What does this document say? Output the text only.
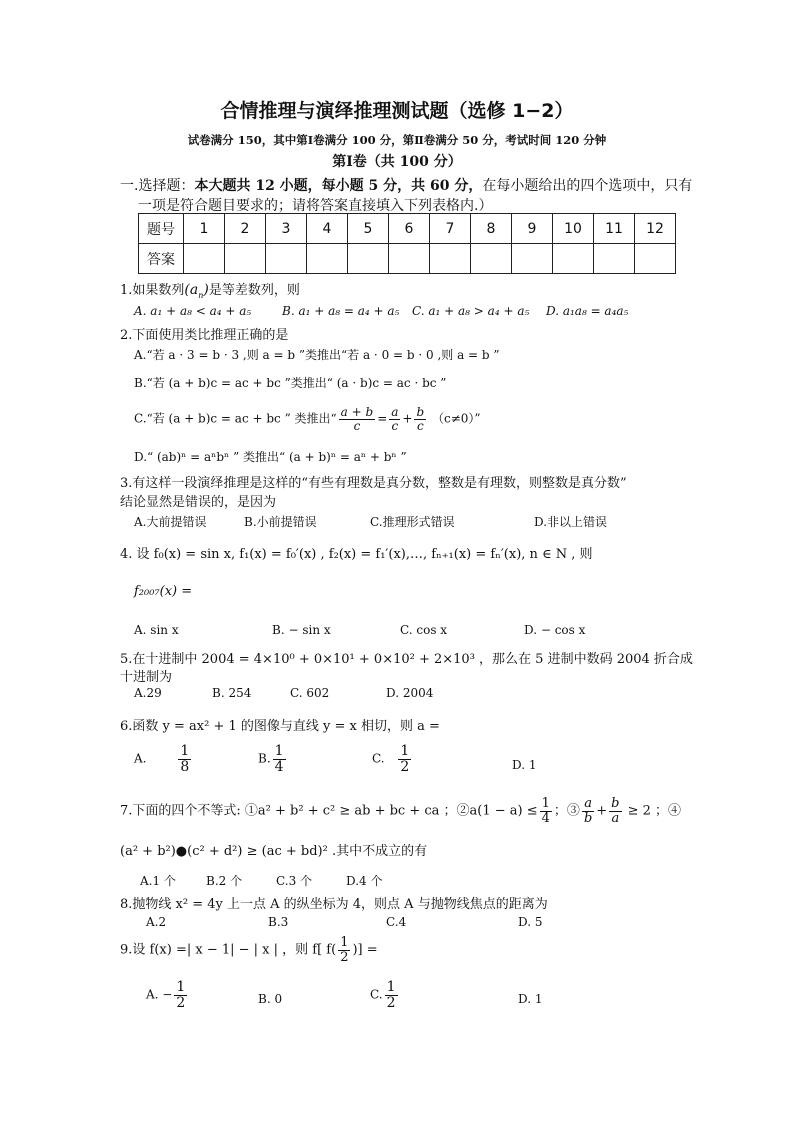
合情推理与演绎推理测试题（选修 1−2）
试卷满分 150，其中第Ⅰ卷满分 100 分，第Ⅱ卷满分 50 分，考试时间 120 分钟
第Ⅰ卷（共 100 分）
一.选择题：本大题共 12 小题，每小题 5 分，共 60 分，在每小题给出的四个选项中，只有
一项是符合题目要求的；请将答案直接填入下列表格内.）
题号	1	2	3	4	5	6	7	8	9	10	11	12
答案												
1.如果数列$(a_n)$是等差数列，则
A. a₁ + a₈ < a₄ + a₅	B. a₁ + a₈ = a₄ + a₅ C. a₁ + a₈ > a₄ + a₅ D. a₁a₈ = a₄a₅
2.下面使用类比推理正确的是
A.“若 a · 3 = b · 3 ,则 a = b ”类推出“若 a · 0 = b · 0 ,则 a = b ”
B.“若 (a + b)c = ac + bc ”类推出“ (a · b)c = ac · bc ”
C.“若 (a + b)c = ac + bc ” 类推出“ $\frac{a + b}{c} = \frac{a}{c} + \frac{b}{c} (c\ne 0)$”
D.“ (ab)ⁿ = aⁿbⁿ ” 类推出“ (a + b)ⁿ = aⁿ + bⁿ ”
3.有这样一段演绎推理是这样的“有些有理数是真分数，整数是有理数，则整数是真分数”
结论显然是错误的，是因为
A.大前提错误	B.小前提错误	C.推理形式错误	D.非以上错误
4. 设 f₀(x) = sin x, f₁(x) = f₀′(x) , f₂(x) = f₁′(x),…, fₙ₊₁(x) = fₙ′(x), n ∈ N , 则
f₂₀₀₇(x) =
A. sin x	B. − sin x	C. cos x	D. − cos x
5.在十进制中 2004 = 4×10⁰ + 0×10¹ + 0×10² + 2×10³ ，那么在 5 进制中数码 2004 折合成
十进制为
A.29	B. 254	C. 602	D. 2004
6.函数 y = ax² + 1 的图像与直线 y = x 相切，则 a =
A. $\frac{1}{8}$	B. $\frac{1}{4}$	C. $\frac{1}{2}$	D. 1
7.下面的四个不等式: ①a² + b² + c² ≥ ab + bc + ca ；②a(1 − $a) \le \frac{1}{4}$ ；③ $\frac{a}{b} + \frac{b}{a} \ge 2$ ；④
(a² + b²)●(c² + d²) ≥ (ac + bd)² .其中不成立的有
A.1 个	B.2 个	C.3 个	D.4 个
8.抛物线 x² = 4y 上一点 A 的纵坐标为 4，则点 A 与抛物线焦点的距离为
A.2	B.3	C.4	D. 5
9.设 f(x) =| x − 1| − | x | ，则 f[ $f( \frac{1}{2}$ )] =
A. − $\frac{1}{2}$	B. 0	C. $\frac{1}{2}$	D. 1
